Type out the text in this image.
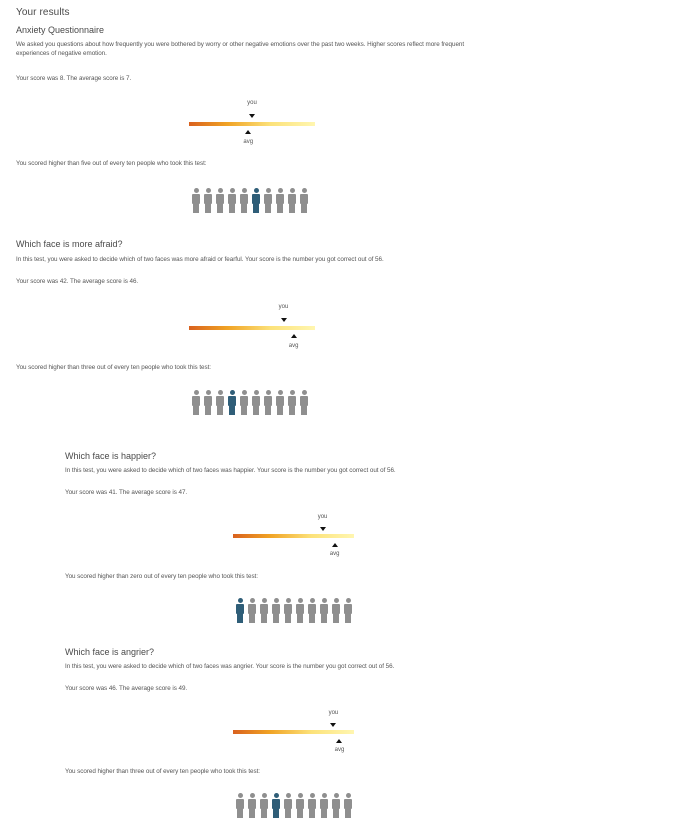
Your results
Anxiety Questionnaire
We asked you questions about how frequently you were bothered by worry or other negative emotions over the past two weeks. Higher scores reflect more frequent experiences of negative emotion.
Your score was 8. The average score is 7.
you
avg
You scored higher than five out of every ten people who took this test:
Which face is more afraid?
In this test, you were asked to decide which of two faces was more afraid or fearful. Your score is the number you got correct out of 56.
Your score was 42. The average score is 46.
you
avg
You scored higher than three out of every ten people who took this test:
Which face is happier?
In this test, you were asked to decide which of two faces was happier. Your score is the number you got correct out of 56.
Your score was 41. The average score is 47.
you
avg
You scored higher than zero out of every ten people who took this test:
Which face is angrier?
In this test, you were asked to decide which of two faces was angrier. Your score is the number you got correct out of 56.
Your score was 46. The average score is 49.
you
avg
You scored higher than three out of every ten people who took this test:
